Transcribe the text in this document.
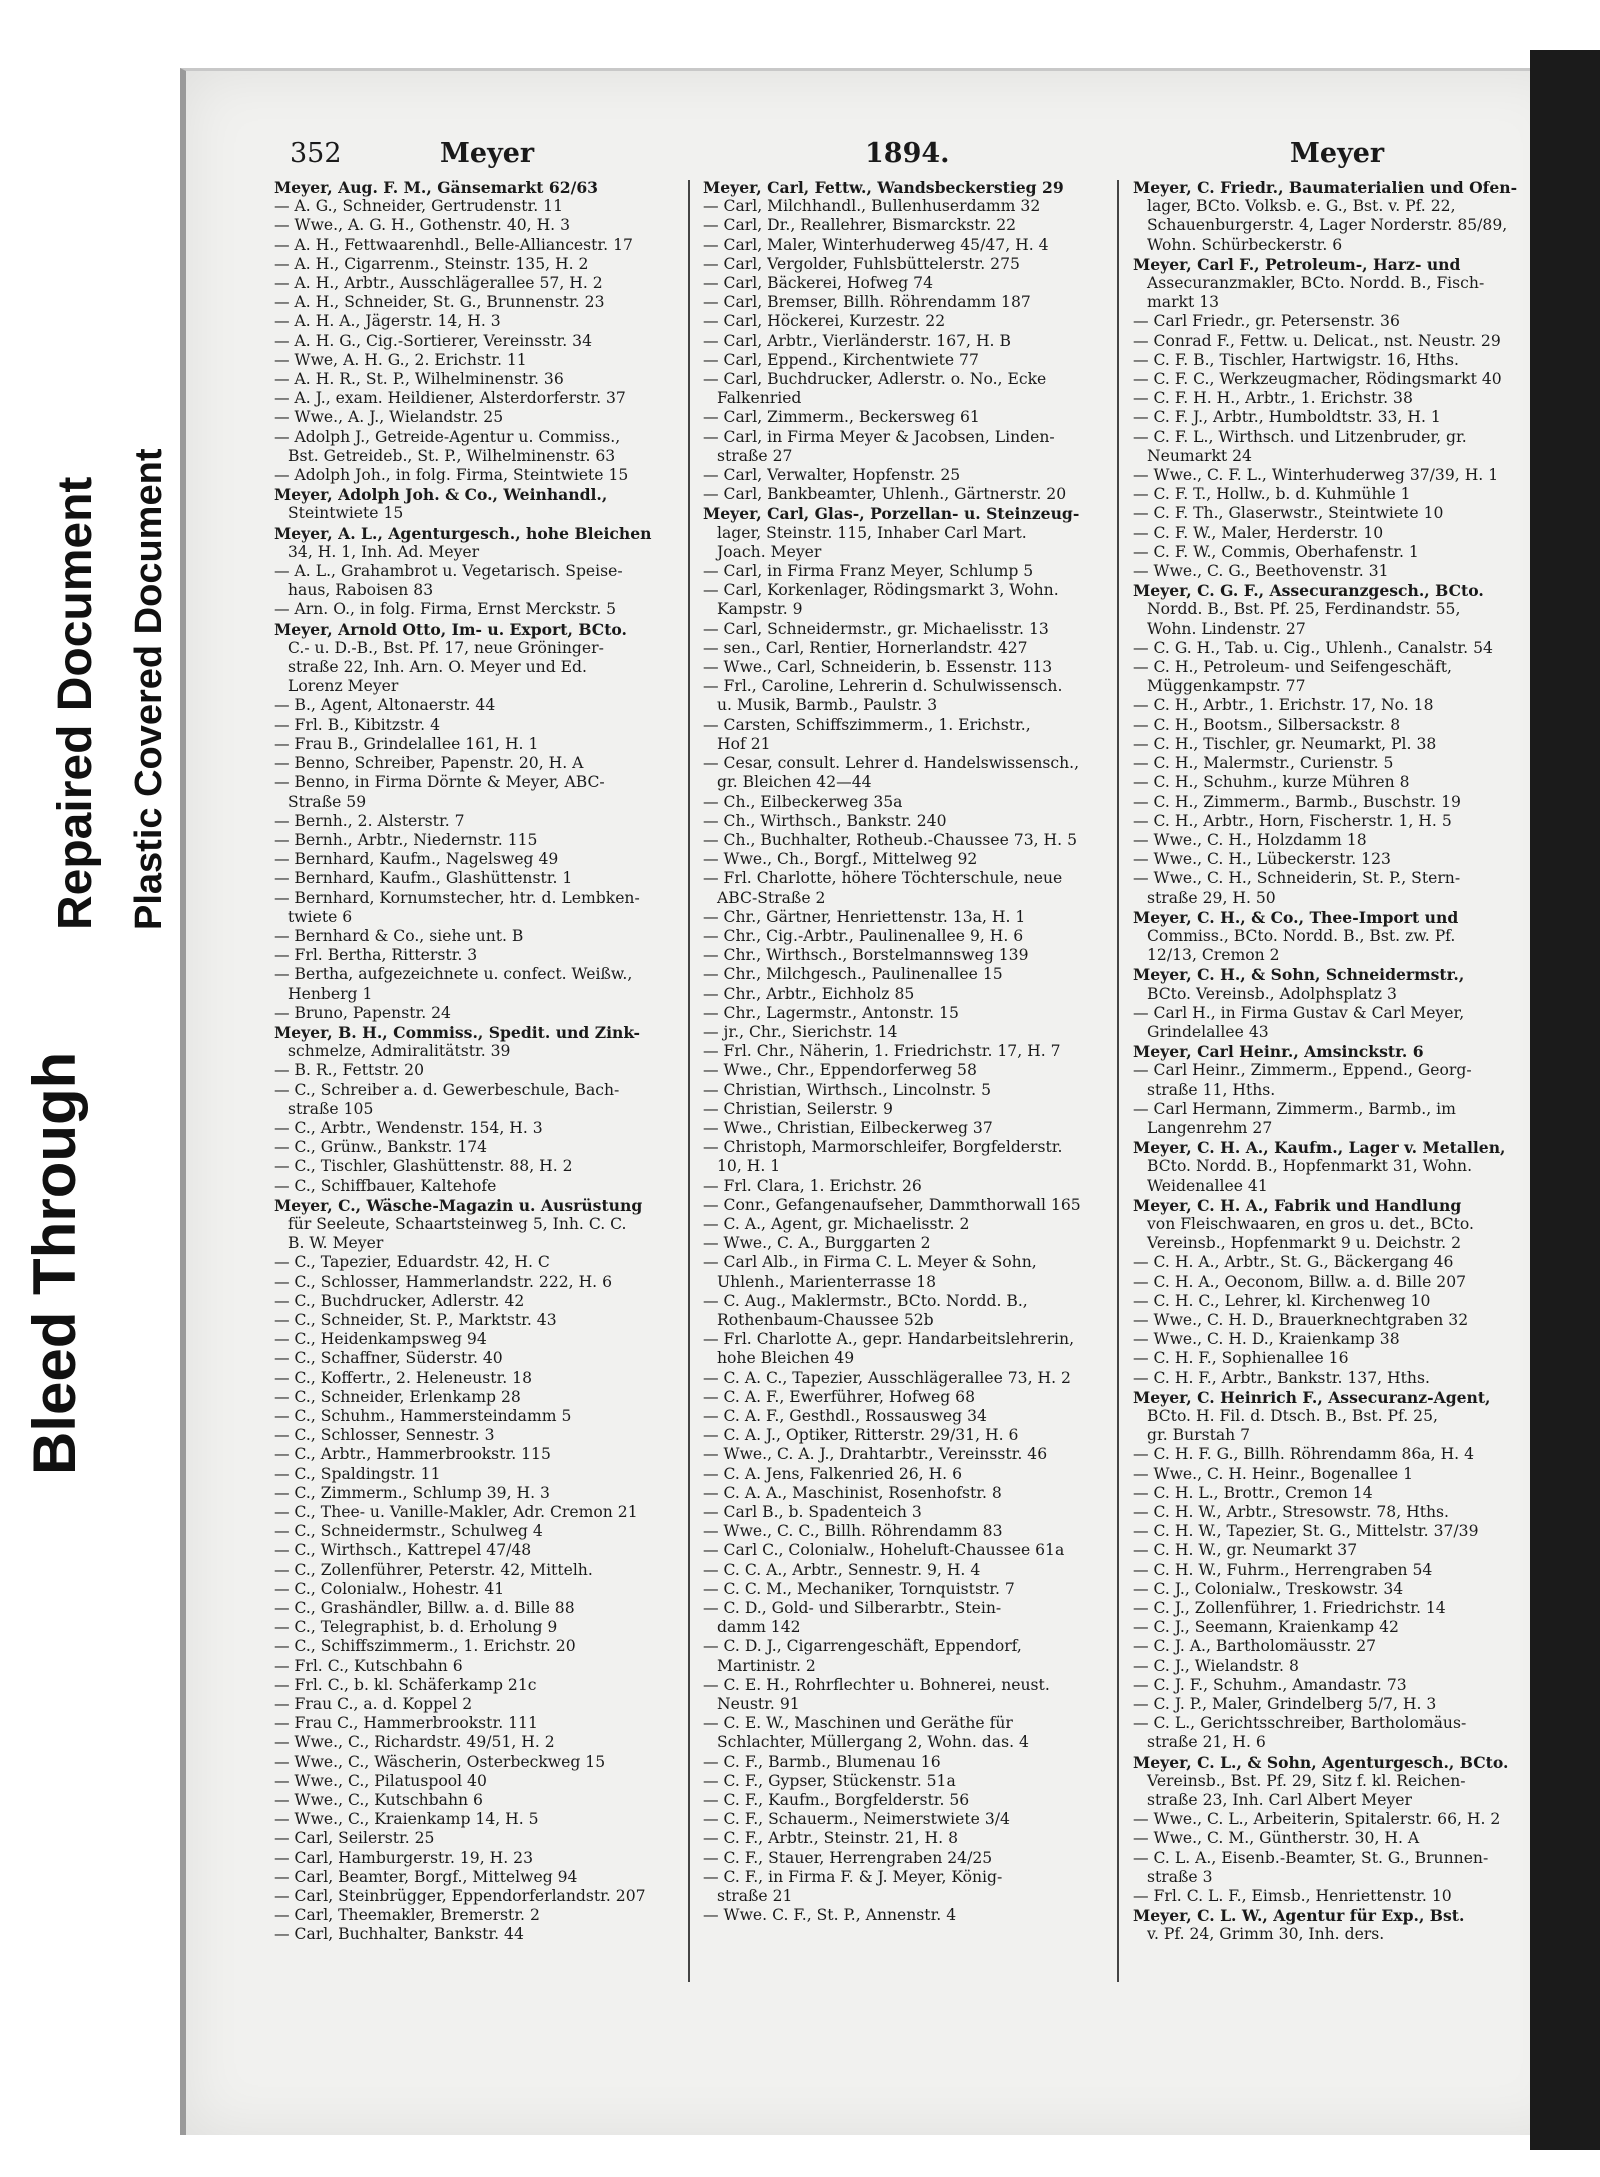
Bleed Through
Repaired Document Plastic Covered Document
352	Meyer	1894.	Meyer
Meyer, Aug. F. M., Gänsemarkt 62/63
— A. G., Schneider, Gertrudenstr. 11
— Wwe., A. G. H., Gothenstr. 40, H. 3
— A. H., Fettwaarenhdl., Belle-Alliancestr. 17
— A. H., Cigarrenm., Steinstr. 135, H. 2
— A. H., Arbtr., Ausschlägerallee 57, H. 2
— A. H., Schneider, St. G., Brunnenstr. 23
— A. H. A., Jägerstr. 14, H. 3
— A. H. G., Cig.-Sortierer, Vereinsstr. 34
— Wwe, A. H. G., 2. Erichstr. 11
— A. H. R., St. P., Wilhelminenstr. 36
— A. J., exam. Heildiener, Alsterdorferstr. 37
— Wwe., A. J., Wielandstr. 25
— Adolph J., Getreide-Agentur u. Commiss.,
Bst. Getreideb., St. P., Wilhelminenstr. 63
— Adolph Joh., in folg. Firma, Steintwiete 15
Meyer, Adolph Joh. & Co., Weinhandl.,
Steintwiete 15
Meyer, A. L., Agenturgesch., hohe Bleichen
34, H. 1, Inh. Ad. Meyer
— A. L., Grahambrot u. Vegetarisch. Speise-
haus, Raboisen 83
— Arn. O., in folg. Firma, Ernst Merckstr. 5
Meyer, Arnold Otto, Im- u. Export, BCto.
C.- u. D.-B., Bst. Pf. 17, neue Gröninger-
straße 22, Inh. Arn. O. Meyer und Ed.
Lorenz Meyer
— B., Agent, Altonaerstr. 44
— Frl. B., Kibitzstr. 4
— Frau B., Grindelallee 161, H. 1
— Benno, Schreiber, Papenstr. 20, H. A
— Benno, in Firma Dörnte & Meyer, ABC-
Straße 59
— Bernh., 2. Alsterstr. 7
— Bernh., Arbtr., Niedernstr. 115
— Bernhard, Kaufm., Nagelsweg 49
— Bernhard, Kaufm., Glashüttenstr. 1
— Bernhard, Kornumstecher, htr. d. Lembken-
twiete 6
— Bernhard & Co., siehe unt. B
— Frl. Bertha, Ritterstr. 3
— Bertha, aufgezeichnete u. confect. Weißw.,
Henberg 1
— Bruno, Papenstr. 24
Meyer, B. H., Commiss., Spedit. und Zink-
schmelze, Admiralitätstr. 39
— B. R., Fettstr. 20
— C., Schreiber a. d. Gewerbeschule, Bach-
straße 105
— C., Arbtr., Wendenstr. 154, H. 3
— C., Grünw., Bankstr. 174
— C., Tischler, Glashüttenstr. 88, H. 2
— C., Schiffbauer, Kaltehofe
Meyer, C., Wäsche-Magazin u. Ausrüstung
für Seeleute, Schaartsteinweg 5, Inh. C. C.
B. W. Meyer
— C., Tapezier, Eduardstr. 42, H. C
— C., Schlosser, Hammerlandstr. 222, H. 6
— C., Buchdrucker, Adlerstr. 42
— C., Schneider, St. P., Marktstr. 43
— C., Heidenkampsweg 94
— C., Schaffner, Süderstr. 40
— C., Koffertr., 2. Heleneustr. 18
— C., Schneider, Erlenkamp 28
— C., Schuhm., Hammersteindamm 5
— C., Schlosser, Sennestr. 3
— C., Arbtr., Hammerbrookstr. 115
— C., Spaldingstr. 11
— C., Zimmerm., Schlump 39, H. 3
— C., Thee- u. Vanille-Makler, Adr. Cremon 21
— C., Schneidermstr., Schulweg 4
— C., Wirthsch., Kattrepel 47/48
— C., Zollenführer, Peterstr. 42, Mittelh.
— C., Colonialw., Hohestr. 41
— C., Grashändler, Billw. a. d. Bille 88
— C., Telegraphist, b. d. Erholung 9
— C., Schiffszimmerm., 1. Erichstr. 20
— Frl. C., Kutschbahn 6
— Frl. C., b. kl. Schäferkamp 21c
— Frau C., a. d. Koppel 2
— Frau C., Hammerbrookstr. 111
— Wwe., C., Richardstr. 49/51, H. 2
— Wwe., C., Wäscherin, Osterbeckweg 15
— Wwe., C., Pilatuspool 40
— Wwe., C., Kutschbahn 6
— Wwe., C., Kraienkamp 14, H. 5
— Carl, Seilerstr. 25
— Carl, Hamburgerstr. 19, H. 23
— Carl, Beamter, Borgf., Mittelweg 94
— Carl, Steinbrügger, Eppendorferlandstr. 207
— Carl, Theemakler, Bremerstr. 2
— Carl, Buchhalter, Bankstr. 44
Meyer, Carl, Fettw., Wandsbeckerstieg 29
— Carl, Milchhandl., Bullenhuserdamm 32
— Carl, Dr., Reallehrer, Bismarckstr. 22
— Carl, Maler, Winterhuderweg 45/47, H. 4
— Carl, Vergolder, Fuhlsbüttelerstr. 275
— Carl, Bäckerei, Hofweg 74
— Carl, Bremser, Billh. Röhrendamm 187
— Carl, Höckerei, Kurzestr. 22
— Carl, Arbtr., Vierländerstr. 167, H. B
— Carl, Eppend., Kirchentwiete 77
— Carl, Buchdrucker, Adlerstr. o. No., Ecke
Falkenried
— Carl, Zimmerm., Beckersweg 61
— Carl, in Firma Meyer & Jacobsen, Linden-
straße 27
— Carl, Verwalter, Hopfenstr. 25
— Carl, Bankbeamter, Uhlenh., Gärtnerstr. 20
Meyer, Carl, Glas-, Porzellan- u. Steinzeug-
lager, Steinstr. 115, Inhaber Carl Mart.
Joach. Meyer
— Carl, in Firma Franz Meyer, Schlump 5
— Carl, Korkenlager, Rödingsmarkt 3, Wohn.
Kampstr. 9
— Carl, Schneidermstr., gr. Michaelisstr. 13
— sen., Carl, Rentier, Hornerlandstr. 427
— Wwe., Carl, Schneiderin, b. Essenstr. 113
— Frl., Caroline, Lehrerin d. Schulwissensch.
u. Musik, Barmb., Paulstr. 3
— Carsten, Schiffszimmerm., 1. Erichstr.,
Hof 21
— Cesar, consult. Lehrer d. Handelswissensch.,
gr. Bleichen 42—44
— Ch., Eilbeckerweg 35a
— Ch., Wirthsch., Bankstr. 240
— Ch., Buchhalter, Rotheub.-Chaussee 73, H. 5
— Wwe., Ch., Borgf., Mittelweg 92
— Frl. Charlotte, höhere Töchterschule, neue
ABC-Straße 2
— Chr., Gärtner, Henriettenstr. 13a, H. 1
— Chr., Cig.-Arbtr., Paulinenallee 9, H. 6
— Chr., Wirthsch., Borstelmannsweg 139
— Chr., Milchgesch., Paulinenallee 15
— Chr., Arbtr., Eichholz 85
— Chr., Lagermstr., Antonstr. 15
— jr., Chr., Sierichstr. 14
— Frl. Chr., Näherin, 1. Friedrichstr. 17, H. 7
— Wwe., Chr., Eppendorferweg 58
— Christian, Wirthsch., Lincolnstr. 5
— Christian, Seilerstr. 9
— Wwe., Christian, Eilbeckerweg 37
— Christoph, Marmorschleifer, Borgfelderstr.
10, H. 1
— Frl. Clara, 1. Erichstr. 26
— Conr., Gefangenaufseher, Dammthorwall 165
— C. A., Agent, gr. Michaelisstr. 2
— Wwe., C. A., Burggarten 2
— Carl Alb., in Firma C. L. Meyer & Sohn,
Uhlenh., Marienterrasse 18
— C. Aug., Maklermstr., BCto. Nordd. B.,
Rothenbaum-Chaussee 52b
— Frl. Charlotte A., gepr. Handarbeitslehrerin,
hohe Bleichen 49
— C. A. C., Tapezier, Ausschlägerallee 73, H. 2
— C. A. F., Ewerführer, Hofweg 68
— C. A. F., Gesthdl., Rossausweg 34
— C. A. J., Optiker, Ritterstr. 29/31, H. 6
— Wwe., C. A. J., Drahtarbtr., Vereinsstr. 46
— C. A. Jens, Falkenried 26, H. 6
— C. A. A., Maschinist, Rosenhofstr. 8
— Carl B., b. Spadenteich 3
— Wwe., C. C., Billh. Röhrendamm 83
— Carl C., Colonialw., Hoheluft-Chaussee 61a
— C. C. A., Arbtr., Sennestr. 9, H. 4
— C. C. M., Mechaniker, Tornquiststr. 7
— C. D., Gold- und Silberarbtr., Stein-
damm 142
— C. D. J., Cigarrengeschäft, Eppendorf,
Martinistr. 2
— C. E. H., Rohrflechter u. Bohnerei, neust.
Neustr. 91
— C. E. W., Maschinen und Geräthe für
Schlachter, Müllergang 2, Wohn. das. 4
— C. F., Barmb., Blumenau 16
— C. F., Gypser, Stückenstr. 51a
— C. F., Kaufm., Borgfelderstr. 56
— C. F., Schauerm., Neimerstwiete 3/4
— C. F., Arbtr., Steinstr. 21, H. 8
— C. F., Stauer, Herrengraben 24/25
— C. F., in Firma F. & J. Meyer, König-
straße 21
— Wwe. C. F., St. P., Annenstr. 4
Meyer, C. Friedr., Baumaterialien und Ofen-
lager, BCto. Volksb. e. G., Bst. v. Pf. 22,
Schauenburgerstr. 4, Lager Norderstr. 85/89,
Wohn. Schürbeckerstr. 6
Meyer, Carl F., Petroleum-, Harz- und
Assecuranzmakler, BCto. Nordd. B., Fisch-
markt 13
— Carl Friedr., gr. Petersenstr. 36
— Conrad F., Fettw. u. Delicat., nst. Neustr. 29
— C. F. B., Tischler, Hartwigstr. 16, Hths.
— C. F. C., Werkzeugmacher, Rödingsmarkt 40
— C. F. H. H., Arbtr., 1. Erichstr. 38
— C. F. J., Arbtr., Humboldtstr. 33, H. 1
— C. F. L., Wirthsch. und Litzenbruder, gr.
Neumarkt 24
— Wwe., C. F. L., Winterhuderweg 37/39, H. 1
— C. F. T., Hollw., b. d. Kuhmühle 1
— C. F. Th., Glaserwstr., Steintwiete 10
— C. F. W., Maler, Herderstr. 10
— C. F. W., Commis, Oberhafenstr. 1
— Wwe., C. G., Beethovenstr. 31
Meyer, C. G. F., Assecuranzgesch., BCto.
Nordd. B., Bst. Pf. 25, Ferdinandstr. 55,
Wohn. Lindenstr. 27
— C. G. H., Tab. u. Cig., Uhlenh., Canalstr. 54
— C. H., Petroleum- und Seifengeschäft,
Müggenkampstr. 77
— C. H., Arbtr., 1. Erichstr. 17, No. 18
— C. H., Bootsm., Silbersackstr. 8
— C. H., Tischler, gr. Neumarkt, Pl. 38
— C. H., Malermstr., Curienstr. 5
— C. H., Schuhm., kurze Mühren 8
— C. H., Zimmerm., Barmb., Buschstr. 19
— C. H., Arbtr., Horn, Fischerstr. 1, H. 5
— Wwe., C. H., Holzdamm 18
— Wwe., C. H., Lübeckerstr. 123
— Wwe., C. H., Schneiderin, St. P., Stern-
straße 29, H. 50
Meyer, C. H., & Co., Thee-Import und
Commiss., BCto. Nordd. B., Bst. zw. Pf.
12/13, Cremon 2
Meyer, C. H., & Sohn, Schneidermstr.,
BCto. Vereinsb., Adolphsplatz 3
— Carl H., in Firma Gustav & Carl Meyer,
Grindelallee 43
Meyer, Carl Heinr., Amsinckstr. 6
— Carl Heinr., Zimmerm., Eppend., Georg-
straße 11, Hths.
— Carl Hermann, Zimmerm., Barmb., im
Langenrehm 27
Meyer, C. H. A., Kaufm., Lager v. Metallen,
BCto. Nordd. B., Hopfenmarkt 31, Wohn.
Weidenallee 41
Meyer, C. H. A., Fabrik und Handlung
von Fleischwaaren, en gros u. det., BCto.
Vereinsb., Hopfenmarkt 9 u. Deichstr. 2
— C. H. A., Arbtr., St. G., Bäckergang 46
— C. H. A., Oeconom, Billw. a. d. Bille 207
— C. H. C., Lehrer, kl. Kirchenweg 10
— Wwe., C. H. D., Brauerknechtgraben 32
— Wwe., C. H. D., Kraienkamp 38
— C. H. F., Sophienallee 16
— C. H. F., Arbtr., Bankstr. 137, Hths.
Meyer, C. Heinrich F., Assecuranz-Agent,
BCto. H. Fil. d. Dtsch. B., Bst. Pf. 25,
gr. Burstah 7
— C. H. F. G., Billh. Röhrendamm 86a, H. 4
— Wwe., C. H. Heinr., Bogenallee 1
— C. H. L., Brottr., Cremon 14
— C. H. W., Arbtr., Stresowstr. 78, Hths.
— C. H. W., Tapezier, St. G., Mittelstr. 37/39
— C. H. W., gr. Neumarkt 37
— C. H. W., Fuhrm., Herrengraben 54
— C. J., Colonialw., Treskowstr. 34
— C. J., Zollenführer, 1. Friedrichstr. 14
— C. J., Seemann, Kraienkamp 42
— C. J. A., Bartholomäusstr. 27
— C. J., Wielandstr. 8
— C. J. F., Schuhm., Amandastr. 73
— C. J. P., Maler, Grindelberg 5/7, H. 3
— C. L., Gerichtsschreiber, Bartholomäus-
straße 21, H. 6
Meyer, C. L., & Sohn, Agenturgesch., BCto.
Vereinsb., Bst. Pf. 29, Sitz f. kl. Reichen-
straße 23, Inh. Carl Albert Meyer
— Wwe., C. L., Arbeiterin, Spitalerstr. 66, H. 2
— Wwe., C. M., Güntherstr. 30, H. A
— C. L. A., Eisenb.-Beamter, St. G., Brunnen-
straße 3
— Frl. C. L. F., Eimsb., Henriettenstr. 10
Meyer, C. L. W., Agentur für Exp., Bst.
v. Pf. 24, Grimm 30, Inh. ders.
